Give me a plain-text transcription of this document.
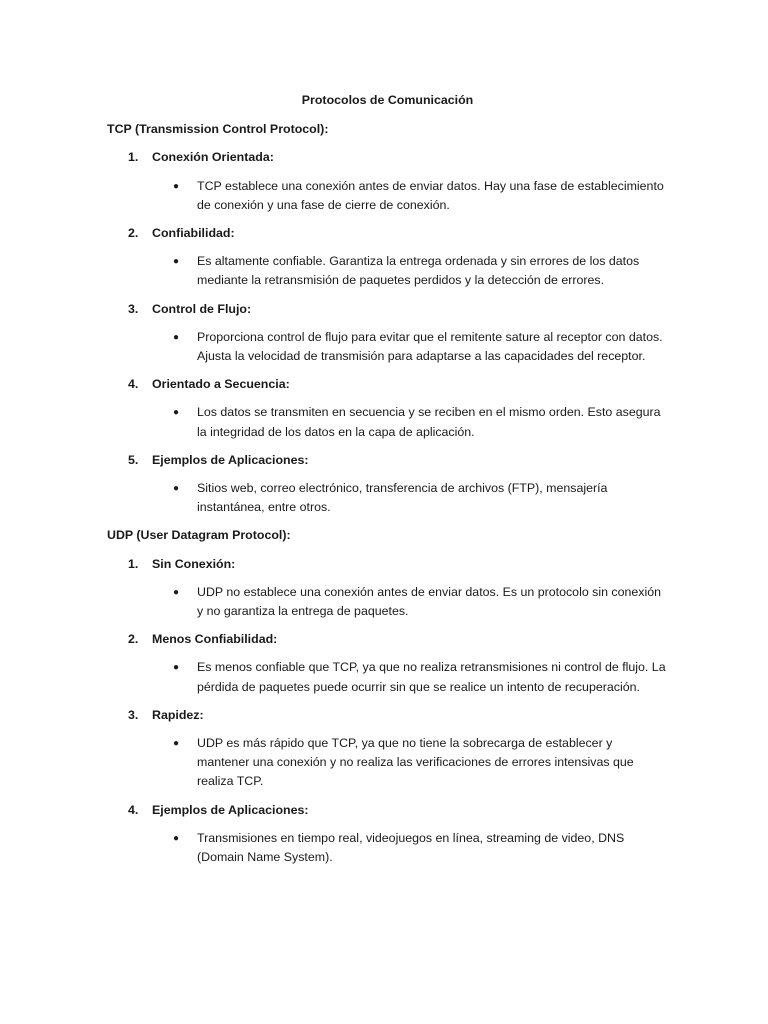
Protocolos de Comunicación
TCP (Transmission Control Protocol):
1.	Conexión Orientada:
●	TCP establece una conexión antes de enviar datos. Hay una fase de establecimiento de conexión y una fase de cierre de conexión.
2.	Confiabilidad:
●	Es altamente confiable. Garantiza la entrega ordenada y sin errores de los datos mediante la retransmisión de paquetes perdidos y la detección de errores.
3.	Control de Flujo:
●	Proporciona control de flujo para evitar que el remitente sature al receptor con datos. Ajusta la velocidad de transmisión para adaptarse a las capacidades del receptor.
4.	Orientado a Secuencia:
●	Los datos se transmiten en secuencia y se reciben en el mismo orden. Esto asegura la integridad de los datos en la capa de aplicación.
5.	Ejemplos de Aplicaciones:
●	Sitios web, correo electrónico, transferencia de archivos (FTP), mensajería instantánea, entre otros.
UDP (User Datagram Protocol):
1.	Sin Conexión:
●	UDP no establece una conexión antes de enviar datos. Es un protocolo sin conexión y no garantiza la entrega de paquetes.
2.	Menos Confiabilidad:
●	Es menos confiable que TCP, ya que no realiza retransmisiones ni control de flujo. La pérdida de paquetes puede ocurrir sin que se realice un intento de recuperación.
3.	Rapidez:
●	UDP es más rápido que TCP, ya que no tiene la sobrecarga de establecer y mantener una conexión y no realiza las verificaciones de errores intensivas que realiza TCP.
4.	Ejemplos de Aplicaciones:
●	Transmisiones en tiempo real, videojuegos en línea, streaming de video, DNS (Domain Name System).
